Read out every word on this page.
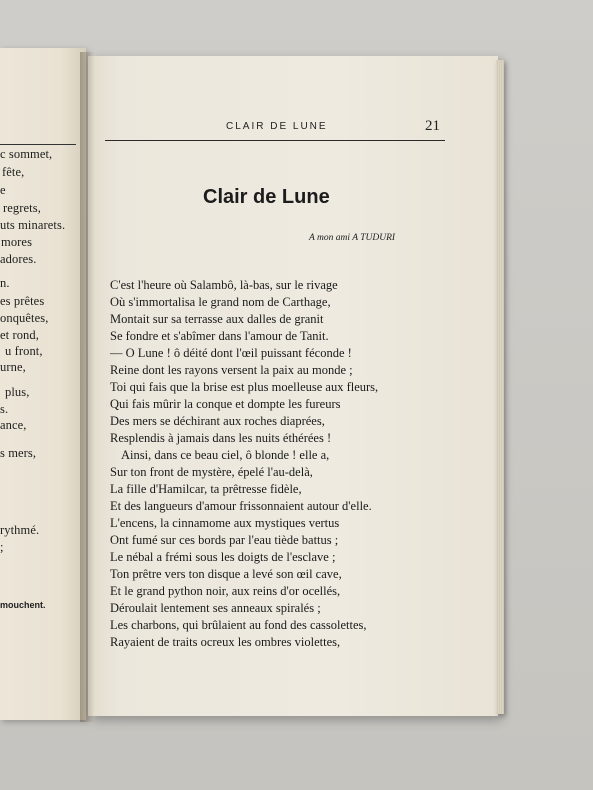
c sommet,
fête,
e
regrets,
uts minarets.
mores
adores.
n.
es prêtes
onquêtes,
et rond,
u front,
urne,
plus,
s.
ance,
s mers,
rythmé.
;
mouchent.
CLAIR DE LUNE	21
Clair de Lune
A mon ami A TUDURI
C'est l'heure où Salambô, là-bas, sur le rivage
Où s'immortalisa le grand nom de Carthage,
Montait sur sa terrasse aux dalles de granit
Se fondre et s'abîmer dans l'amour de Tanit.
— O Lune ! ô déité dont l'œil puissant féconde !
Reine dont les rayons versent la paix au monde ;
Toi qui fais que la brise est plus moelleuse aux fleurs,
Qui fais mûrir la conque et dompte les fureurs
Des mers se déchirant aux roches diaprées,
Resplendis à jamais dans les nuits éthérées !
Ainsi, dans ce beau ciel, ô blonde ! elle a,
Sur ton front de mystère, épelé l'au-delà,
La fille d'Hamilcar, ta prêtresse fidèle,
Et des langueurs d'amour frissonnaient autour d'elle.
L'encens, la cinnamome aux mystiques vertus
Ont fumé sur ces bords par l'eau tiède battus ;
Le nébal a frémi sous les doigts de l'esclave ;
Ton prêtre vers ton disque a levé son œil cave,
Et le grand python noir, aux reins d'or ocellés,
Déroulait lentement ses anneaux spiralés ;
Les charbons, qui brûlaient au fond des cassolettes,
Rayaient de traits ocreux les ombres violettes,
